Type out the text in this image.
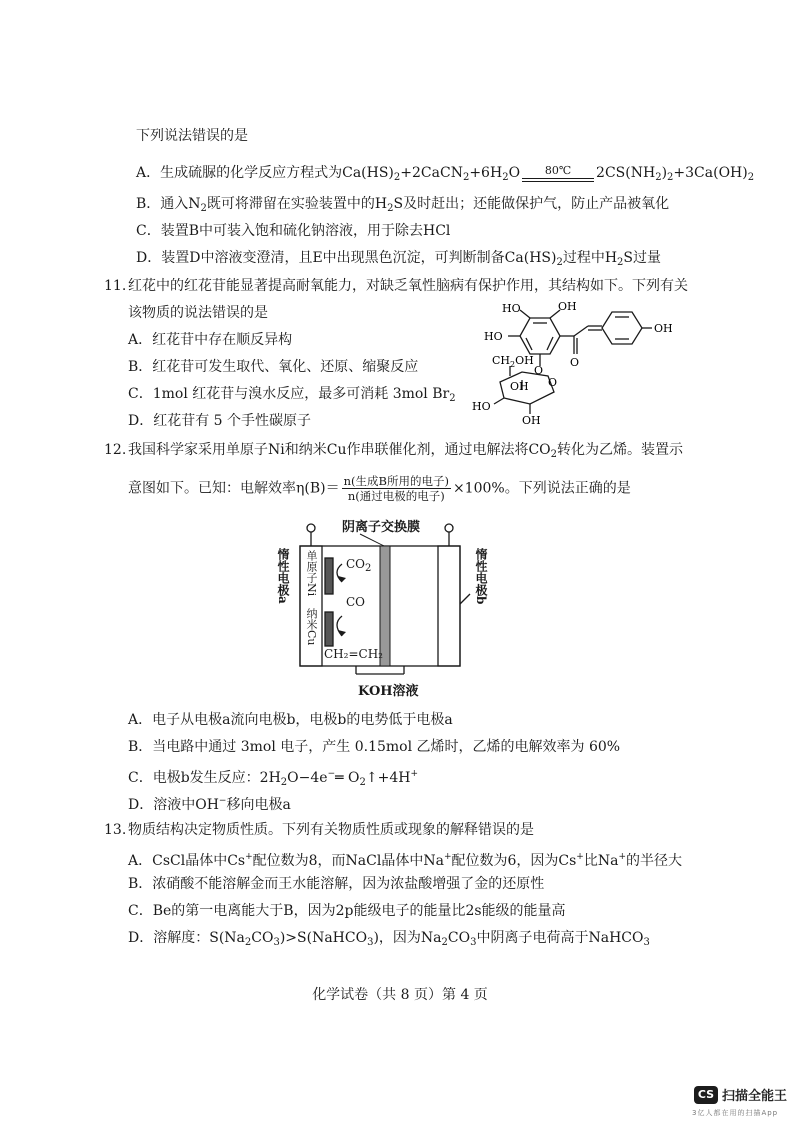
下列说法错误的是
A．生成硫脲的化学反应方程式为$Ca(HS)_2+2CaCN_2+6H_2O$	80℃	$2CS(NH_2)_2+3Ca(OH)_2$
B．通入$N_2$既可将滞留在实验装置中的$H_2S$及时赶出；还能做保护气，防止产品被氧化
C．装置B中可装入饱和硫化钠溶液，用于除去HCl
D．装置D中溶液变澄清，且E中出现黑色沉淀，可判断制备$Ca(HS)_2$过程中$H_2S$过量
11. 红花中的红花苷能显著提高耐氧能力，对缺乏氧性脑病有保护作用，其结构如下。下列有关
该物质的说法错误的是
A．红花苷中存在顺反异构
B．红花苷可发生取代、氧化、还原、缩聚反应
C．1mol 红花苷与溴水反应，最多可消耗 3mol $Br_2$
D．红花苷有 5 个手性碳原子
HO	OH
OH
HO
O
$CH_2OH$
O
O
OH
HO
OH
12. 我国科学家采用单原子Ni和纳米Cu作串联催化剂，通过电解法将$CO_2$转化为乙烯。装置示
意图如下。已知：电解效率$\eta(B)= \frac{\text{n(生成B所用的电子)}}{\text{n(通过电极的电子)}} \times 100\%$。下列说法正确的是
阴离子交换膜
惰性电极a	惰性电极b
单原子Ni
纳米Cu
$CO_2$
CO
CH₂=CH₂
KOH溶液
A．电子从电极a流向电极b，电极b的电势低于电极a
B．当电路中通过 3mol 电子，产生 0.15mol 乙烯时，乙烯的电解效率为 60%
C．电极b发生反应：$2H_2O-4e^-═$ $O_2↑+4H^+$
D．溶液中OH−移向电极a
13. 物质结构决定物质性质。下列有关物质性质或现象的解释错误的是
A．CsCl晶体中Cs+配位数为8，而NaCl晶体中Na+配位数为6，因为Cs+比Na+的半径大
B．浓硝酸不能溶解金而王水能溶解，因为浓盐酸增强了金的还原性
C．Be的第一电离能大于B，因为2p能级电子的能量比2s能级的能量高
D．溶解度：$S(Na_2CO_3)>S(NaHCO_3)$，因为$Na_2CO_3$中阴离子电荷高于NaHCO$_3$
化学试卷（共 8 页）第 4 页
CS 扫描全能王
3亿人都在用的扫描App
